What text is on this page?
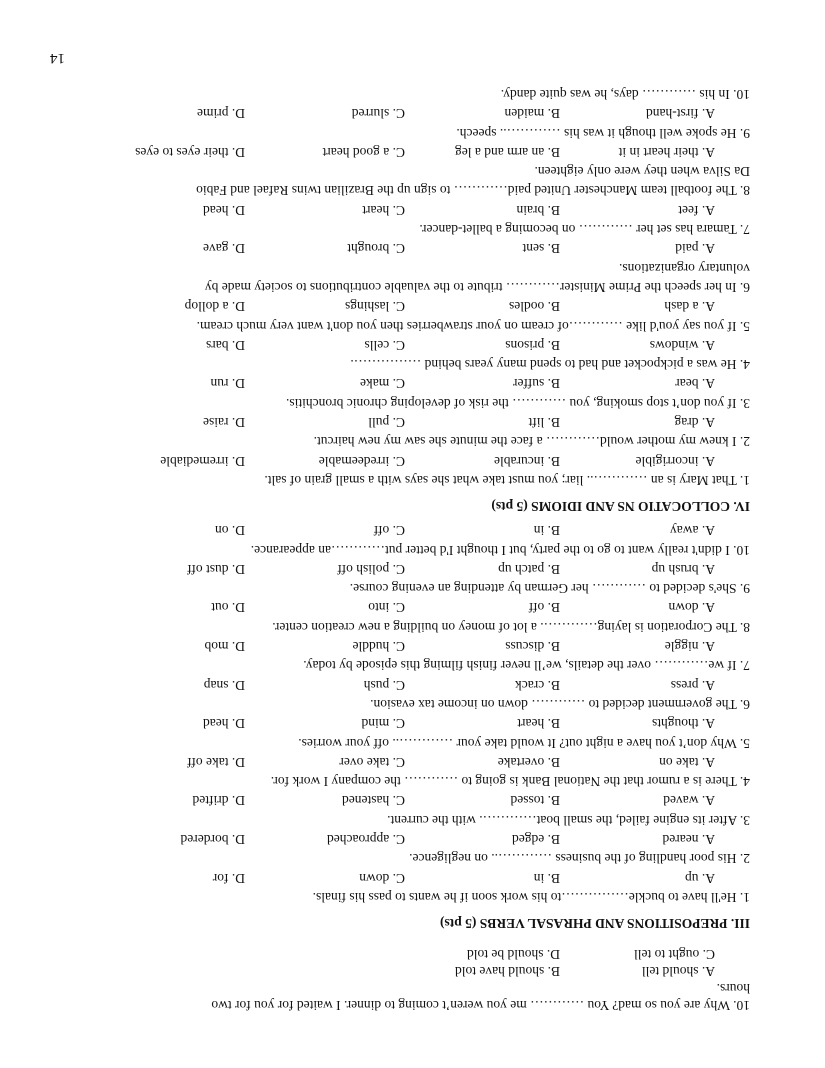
10. Why are you so mad? You ………… me you weren’t coming to dinner. I waited for you for two
hours.
A. should tell
B. should have told
C. ought to tell
D. should be told
III. PREPOSITIONS AND PHRASAL VERBS (5 pts)
1. He'll have to buckle……………to his work soon if he wants to pass his finals.
A. up
B. in
C. down
D. for
2. His poor handling of the business ………….. on negligence.
A. neared
B. edged
C. approached
D. bordered
3. After its engine failed, the small boat…………. with the current.
A. waved
B. tossed
C. hastened
D. drifted
4. There is a rumor that the National Bank is going to ………… the company I work for.
A. take on
B. overtake
C. take over
D. take off
5. Why don’t you have a night out? It would take your ………….. off your worries.
A. thoughts
B. heart
C. mind
D. head
6. The government decided to ………… down on income tax evasion.
A. press
B. crack
C. push
D. snap
7. If we………… over the details, we’ll never finish filming this episode by today.
A. niggle
B. discuss
C. huddle
D. mob
8. The Corporation is laying…………. a lot of money on building a new creation center.
A. down
B. off
C. into
D. out
9. She's decided to ………… her German by attending an evening course.
A. brush up
B. patch up
C. polish off
D. dust off
10. I didn't really want to go to the party, but I thought I'd better put…………an appearance.
A. away
B. in
C. off
D. on
IV. COLLOCATIO NS AND IDIOMS (5 pts)
1. That Mary is an ………….. liar; you must take what she says with a small grain of salt.
A. incorrigible
B. incurable
C. irredeemable
D. irremediable
2. I knew my mother would………… a face the minute she saw my new haircut.
A. drag
B. lift
C. pull
D. raise
3. If you don’t stop smoking, you ………… the risk of developing chronic bronchitis.
A. bear
B. suffer
C. make
D. run
4. He was a pickpocket and had to spend many years behind …………….
A. windows
B. prisons
C. cells
D. bars
5. If you say you'd like …………of cream on your strawberries then you don't want very much cream.
A. a dash
B. oodles
C. lashings
D. a dollop
6. In her speech the Prime Minister………… tribute to the valuable contributions to society made by
voluntary organizations.
A. paid
B. sent
C. brought
D. gave
7. Tamara has set her ………… on becoming a ballet-dancer.
A. feet
B. brain
C. heart
D. head
8. The football team Manchester United paid………… to sign up the Brazilian twins Rafael and Fabio
Da Silva when they were only eighteen.
A. their heart in it
B. an arm and a leg
C. a good heart
D. their eyes to eyes
9. He spoke well though it was his ………….. speech.
A. first-hand
B. maiden
C. slurred
D. prime
10. In his ………… days, he was quite dandy.
14
